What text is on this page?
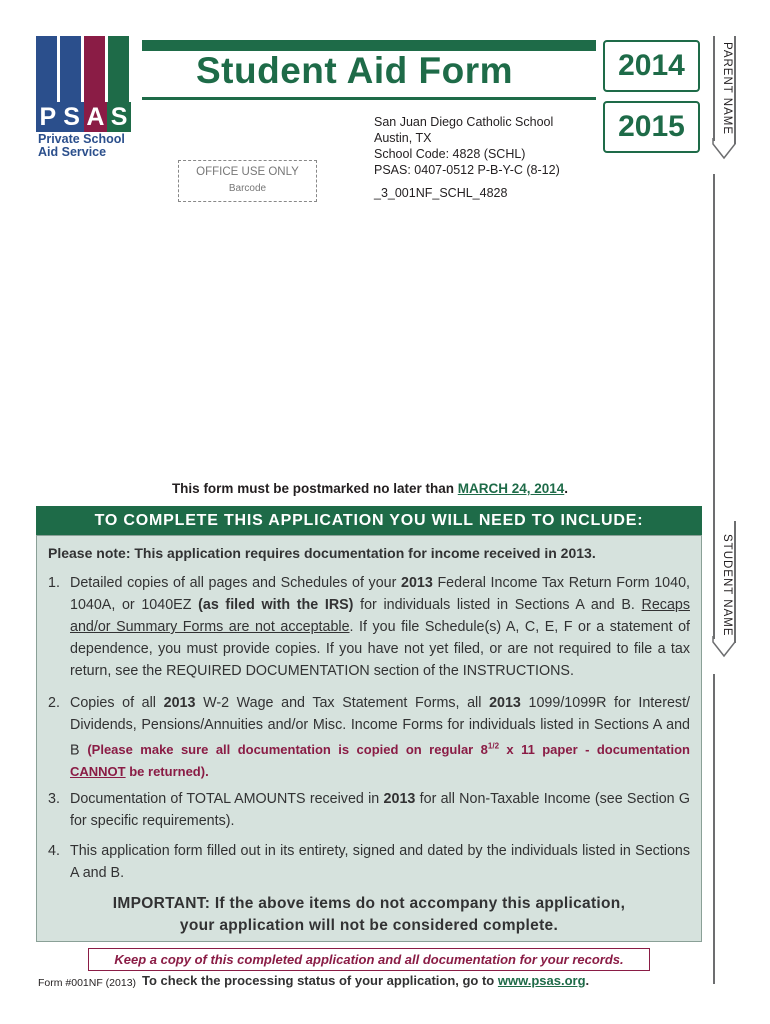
P S A S
Private School
Aid Service
Student Aid Form	2014
2015
San Juan Diego Catholic School
Austin, TX
School Code: 4828 (SCHL)
PSAS: 0407-0512 P-B-Y-C (8-12)
_3_001NF_SCHL_4828
OFFICE USE ONLY
Barcode
PARENT NAME
STUDENT NAME
This form must be postmarked no later than MARCH 24, 2014.
TO COMPLETE THIS APPLICATION YOU WILL NEED TO INCLUDE:
Please note: This application requires documentation for income received in 2013.
1. Detailed copies of all pages and Schedules of your 2013 Federal Income Tax Return Form 1040, 1040A, or 1040EZ (as filed with the IRS) for individuals listed in Sections A and B. Recaps and/or Summary Forms are not acceptable. If you file Schedule(s) A, C, E, F or a statement of dependence, you must provide copies. If you have not yet filed, or are not required to file a tax return, see the REQUIRED DOCUMENTATION section of the INSTRUCTIONS.
2. Copies of all 2013 W-2 Wage and Tax Statement Forms, all 2013 1099/1099R for Interest/ Dividends, Pensions/Annuities and/or Misc. Income Forms for individuals listed in Sections A and B (Please make sure all documentation is copied on regular $8^{1/2}$ x 11 paper - documentation CANNOT be returned).
3. Documentation of TOTAL AMOUNTS received in 2013 for all Non-Taxable Income (see Section G for specific requirements).
4. This application form filled out in its entirety, signed and dated by the individuals listed in Sections A and B.
IMPORTANT: If the above items do not accompany this application,
your application will not be considered complete.
Keep a copy of this completed application and all documentation for your records.
Form #001NF (2013) To check the processing status of your application, go to www.psas.org.
